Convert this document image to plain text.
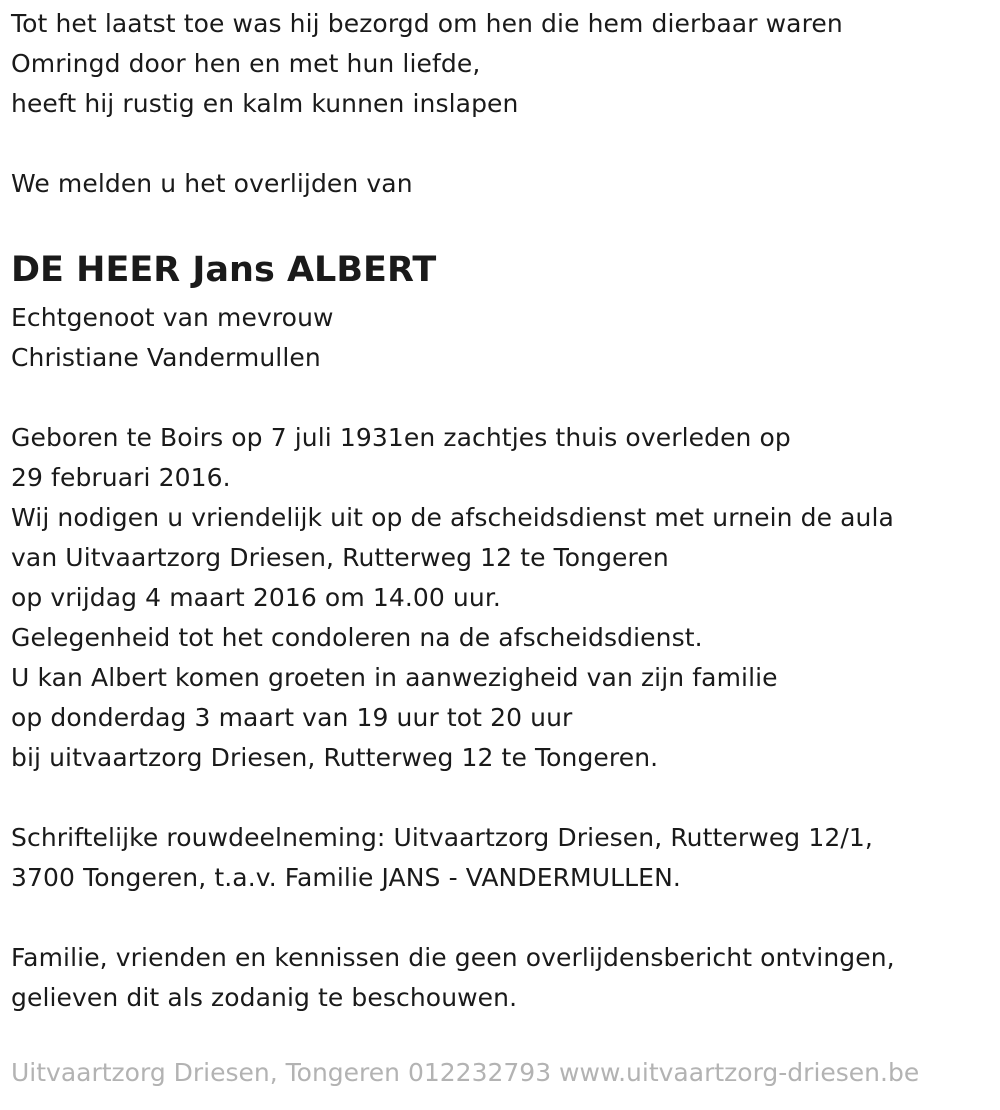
Tot het laatst toe was hij bezorgd om hen die hem dierbaar waren
Omringd door hen en met hun liefde,
heeft hij rustig en kalm kunnen inslapen
We melden u het overlijden van
DE HEER Jans ALBERT
Echtgenoot van mevrouw
Christiane Vandermullen
Geboren te Boirs op 7 juli 1931en zachtjes thuis overleden op
29 februari 2016.
Wij nodigen u vriendelijk uit op de afscheidsdienst met urnein de aula
van Uitvaartzorg Driesen, Rutterweg 12 te Tongeren
op vrijdag 4 maart 2016 om 14.00 uur.
Gelegenheid tot het condoleren na de afscheidsdienst.
U kan Albert komen groeten in aanwezigheid van zijn familie
op donderdag 3 maart van 19 uur tot 20 uur
bij uitvaartzorg Driesen, Rutterweg 12 te Tongeren.
Schriftelijke rouwdeelneming: Uitvaartzorg Driesen, Rutterweg 12/1,
3700 Tongeren, t.a.v. Familie JANS - VANDERMULLEN.
Familie, vrienden en kennissen die geen overlijdensbericht ontvingen,
gelieven dit als zodanig te beschouwen.
Uitvaartzorg Driesen, Tongeren 012232793 www.uitvaartzorg-driesen.be
